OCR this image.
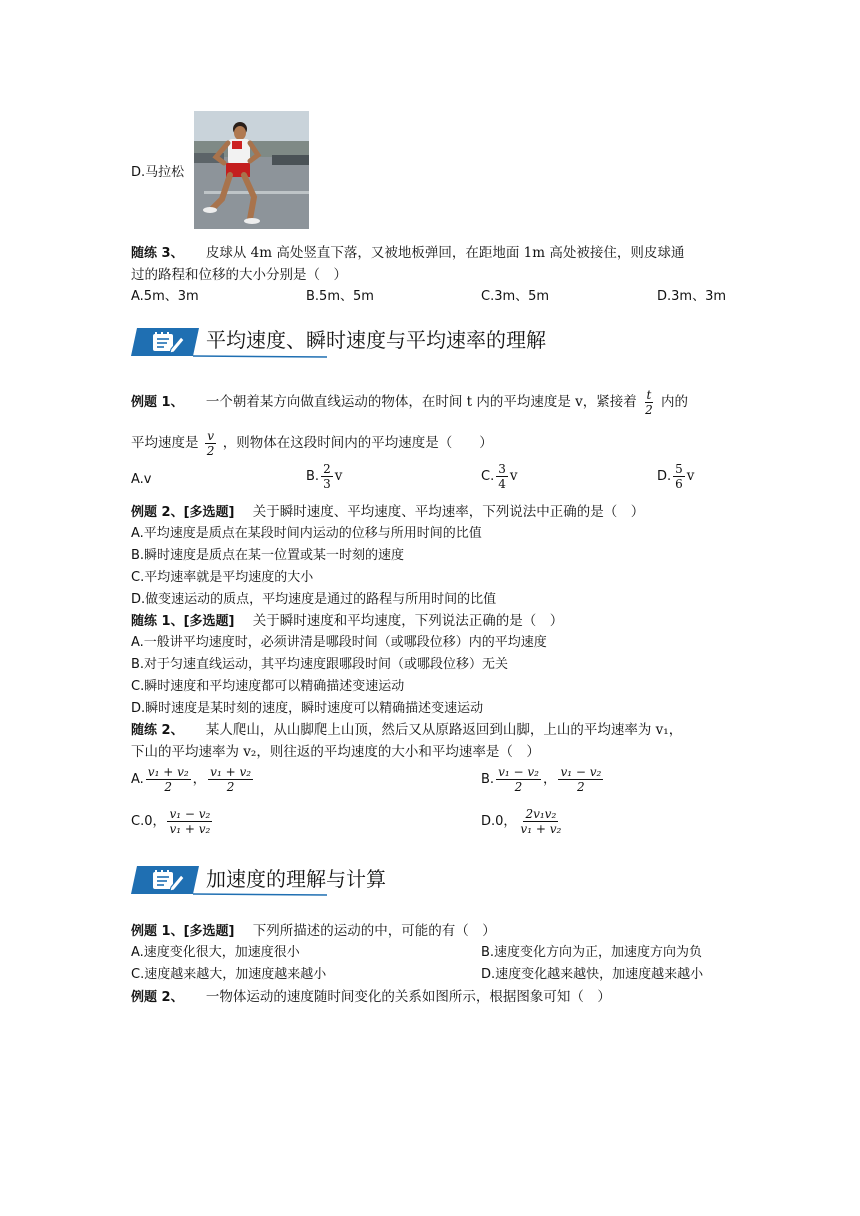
D.马拉松
随练 3、 皮球从 4m 高处竖直下落，又被地板弹回，在距地面 1m 高处被接住，则皮球通
过的路程和位移的大小分别是（　）
A.5m、3m	B.5m、5m	C.3m、5m	D.3m、3m
平均速度、瞬时速度与平均速率的理解
例题 1、 一个朝着某方向做直线运动的物体，在时间 t 内的平均速度是 v，紧接着 $\frac{t}{2}$ 内的
平均速度是 $\frac{v}{2}$ ，则物体在这段时间内的平均速度是（　　）
A.v	B. $\frac{2}{3}$ v	C. $\frac{3}{4}$ v	D. $\frac{5}{6}$ v
例题 2、[多选题] 关于瞬时速度、平均速度、平均速率，下列说法中正确的是（　）
A.平均速度是质点在某段时间内运动的位移与所用时间的比值
B.瞬时速度是质点在某一位置或某一时刻的速度
C.平均速率就是平均速度的大小
D.做变速运动的质点，平均速度是通过的路程与所用时间的比值
随练 1、[多选题] 关于瞬时速度和平均速度，下列说法正确的是（　）
A.一般讲平均速度时，必须讲清是哪段时间（或哪段位移）内的平均速度
B.对于匀速直线运动，其平均速度跟哪段时间（或哪段位移）无关
C.瞬时速度和平均速度都可以精确描述变速运动
D.瞬时速度是某时刻的速度，瞬时速度可以精确描述变速运动
随练 2、 某人爬山，从山脚爬上山顶，然后又从原路返回到山脚，上山的平均速率为 v₁，
下山的平均速率为 v₂，则往返的平均速度的大小和平均速率是（　）
A. $\frac{\text{v₁ + v₂}}{2}$ ， $\frac{\text{v₁ + v₂}}{2}$	B. $\frac{\text{v₁ − v₂}}{2}$ ， $\frac{\text{v₁ − v₂}}{2}$
C.0， $\frac{\text{v₁ − v₂}}{\text{v₁ + v₂}}$	D.0， $\frac{\text{2v₁v₂}}{\text{v₁ + v₂}}$
加速度的理解与计算
例题 1、[多选题] 下列所描述的运动的中，可能的有（　）
A.速度变化很大，加速度很小	B.速度变化方向为正，加速度方向为负
C.速度越来越大，加速度越来越小	D.速度变化越来越快，加速度越来越小
例题 2、 一物体运动的速度随时间变化的关系如图所示，根据图象可知（　）
